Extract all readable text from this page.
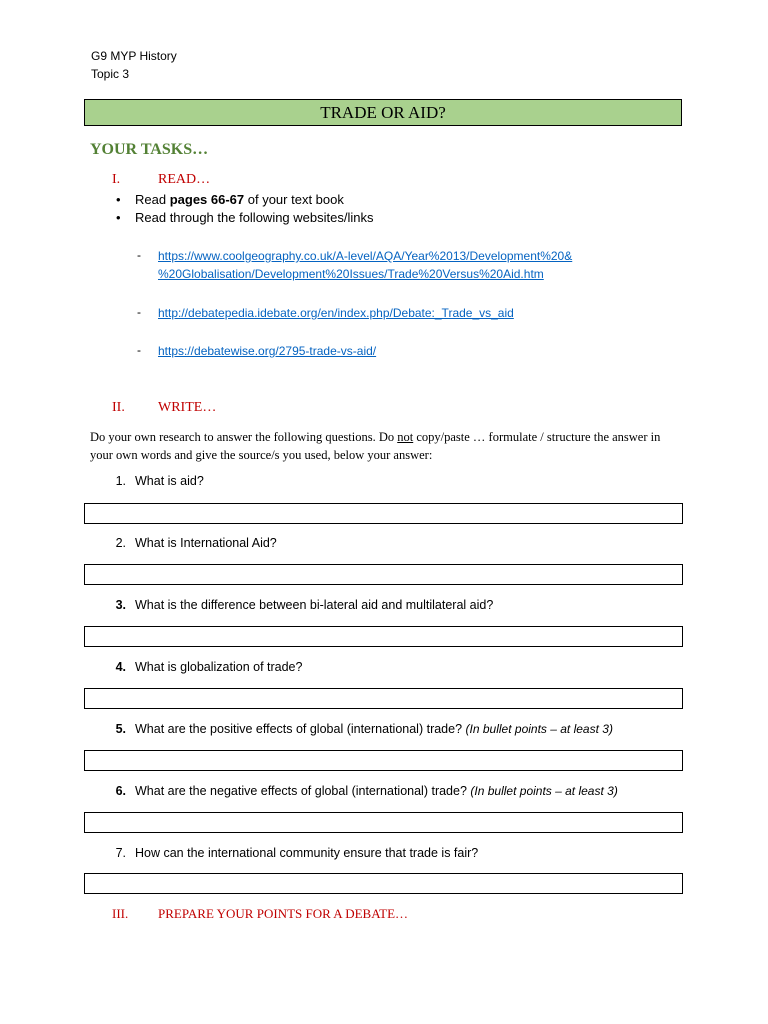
G9 MYP History
Topic 3
TRADE OR AID?
YOUR TASKS…
I.	READ…
• Read pages 66-67 of your text book
• Read through the following websites/links
- https://www.coolgeography.co.uk/A-level/AQA/Year%2013/Development%20&
%20Globalisation/Development%20Issues/Trade%20Versus%20Aid.htm
- http://debatepedia.idebate.org/en/index.php/Debate:_Trade_vs_aid
- https://debatewise.org/2795-trade-vs-aid/
II. WRITE…
Do your own research to answer the following questions. Do not copy/paste … formulate / structure the answer in your own words and give the source/s you used, below your answer:
1. What is aid?
2. What is International Aid?
3. What is the difference between bi-lateral aid and multilateral aid?
4. What is globalization of trade?
5. What are the positive effects of global (international) trade? (In bullet points – at least 3)
6. What are the negative effects of global (international) trade? (In bullet points – at least 3)
7. How can the international community ensure that trade is fair?
III. PREPARE YOUR POINTS FOR A DEBATE…
